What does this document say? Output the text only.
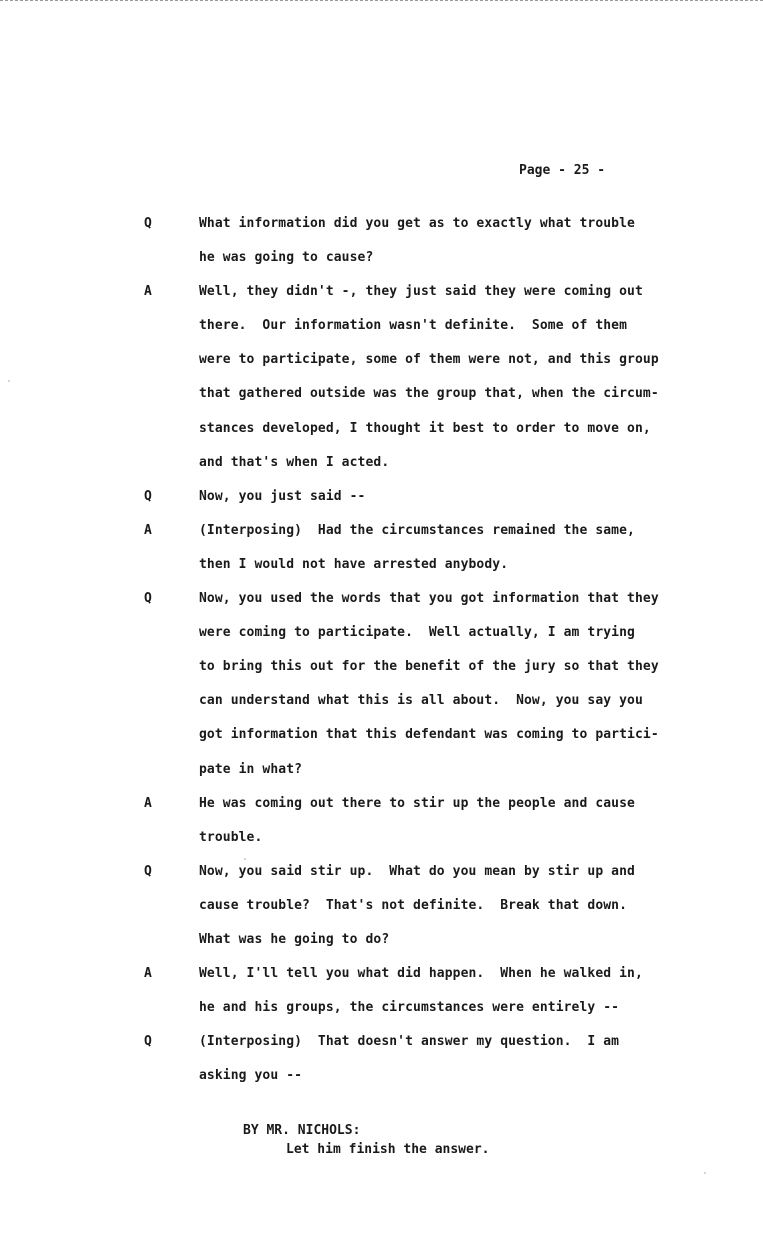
Page - 25 -
Q	What information did you get as to exactly what trouble
he was going to cause?
A	Well, they didn't -, they just said they were coming out
there.  Our information wasn't definite.  Some of them
were to participate, some of them were not, and this group
that gathered outside was the group that, when the circum-
stances developed, I thought it best to order to move on,
and that's when I acted.
Q	Now, you just said --
A	(Interposing)  Had the circumstances remained the same,
then I would not have arrested anybody.
Q	Now, you used the words that you got information that they
were coming to participate.  Well actually, I am trying
to bring this out for the benefit of the jury so that they
can understand what this is all about.  Now, you say you
got information that this defendant was coming to partici-
pate in what?
A	He was coming out there to stir up the people and cause
trouble.
Q	Now, you said stir up.  What do you mean by stir up and
cause trouble?  That's not definite.  Break that down.
What was he going to do?
A	Well, I'll tell you what did happen.  When he walked in,
he and his groups, the circumstances were entirely --
Q	(Interposing)  That doesn't answer my question.  I am
asking you --
BY MR. NICHOLS:
Let him finish the answer.
